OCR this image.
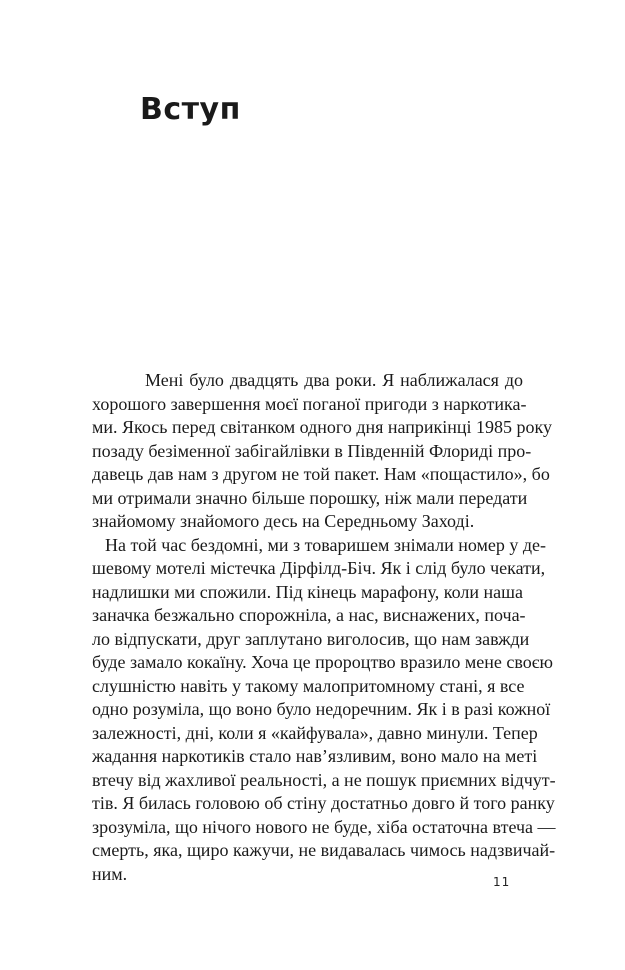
Вступ
Мені було двадцять два роки. Я наближалася до
хорошого завершення моєї поганої пригоди з наркотика-
ми. Якось перед світанком одного дня наприкінці 1985 року
позаду безіменної забігайлівки в Південній Флориді про-
давець дав нам з другом не той пакет. Нам «пощастило», бо
ми отримали значно більше порошку, ніж мали передати
знайомому знайомого десь на Середньому Заході.
На той час бездомні, ми з товаришем знімали номер у де-
шевому мотелі містечка Дірфілд-Біч. Як і слід було чекати,
надлишки ми спожили. Під кінець марафону, коли наша
заначка безжально спорожніла, а нас, виснажених, поча-
ло відпускати, друг заплутано виголосив, що нам завжди
буде замало кокаїну. Хоча це пророцтво вразило мене своєю
слушністю навіть у такому малопритомному стані, я все
одно розуміла, що воно було недоречним. Як і в разі кожної
залежності, дні, коли я «кайфувала», давно минули. Тепер
жадання наркотиків стало нав’язливим, воно мало на меті
втечу від жахливої реальності, а не пошук приємних відчут-
тів. Я билась головою об стіну достатньо довго й того ранку
зрозуміла, що нічого нового не буде, хіба остаточна втеча —
смерть, яка, щиро кажучи, не видавалась чимось надзвичай-
ним.	11
